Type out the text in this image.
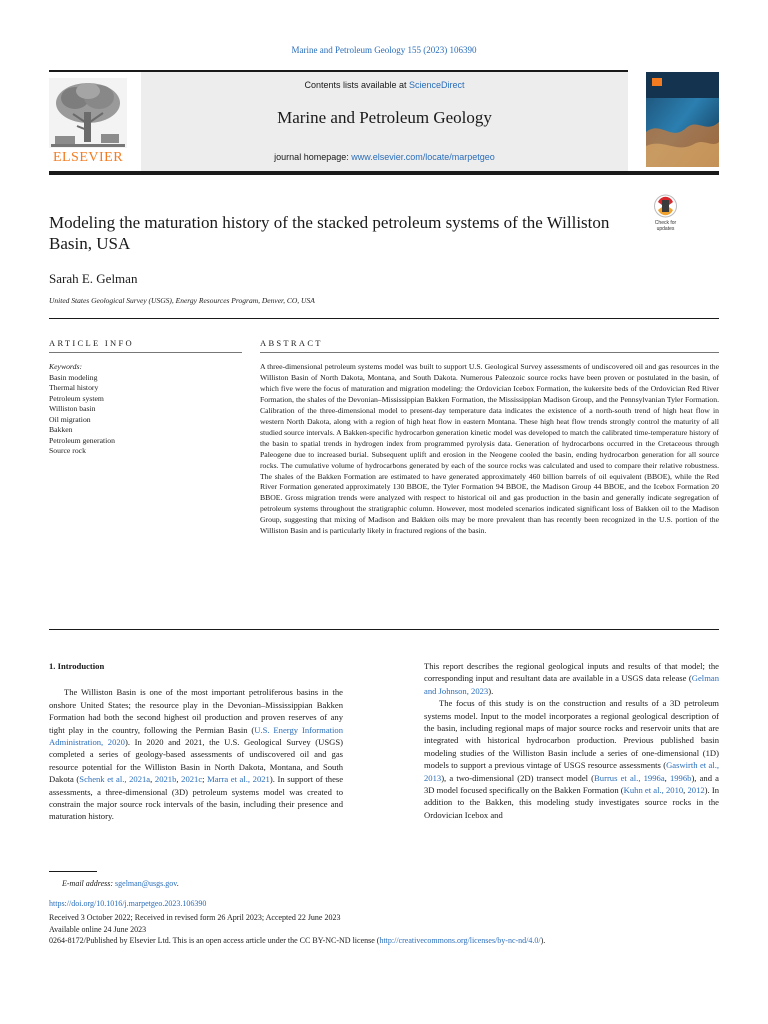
Marine and Petroleum Geology 155 (2023) 106390
ELSEVIER
Contents lists available at ScienceDirect
Marine and Petroleum Geology
journal homepage: www.elsevier.com/locate/marpetgeo
Modeling the maturation history of the stacked petroleum systems of the Williston Basin, USA
Check for
updates
Sarah E. Gelman
United States Geological Survey (USGS), Energy Resources Program, Denver, CO, USA
ARTICLE INFO	ABSTRACT
Keywords:
Basin modeling
Thermal history
Petroleum system
Williston basin
Oil migration
Bakken
Petroleum generation
Source rock
A three-dimensional petroleum systems model was built to support U.S. Geological Survey assessments of undiscovered oil and gas resources in the Williston Basin of North Dakota, Montana, and South Dakota. Numerous Paleozoic source rocks have been proven or postulated in the basin, of which five were the focus of maturation and migration modeling: the Ordovician Icebox Formation, the kukersite beds of the Ordovician Red River Formation, the shales of the Devonian–Mississippian Bakken Formation, the Mississippian Madison Group, and the Pennsylvanian Tyler Formation. Calibration of the three-dimensional model to present-day temperature data indicates the existence of a north-south trend of high heat flow in western North Dakota, along with a region of high heat flow in eastern Montana. These high heat flow trends strongly control the maturity of all studied source intervals. A Bakken-specific hydrocarbon generation kinetic model was developed to match the calibrated time-temperature history of the basin to spatial trends in hydrogen index from programmed pyrolysis data. Generation of hydrocarbons occurred in the Cretaceous through Paleogene due to increased burial. Subsequent uplift and erosion in the Neogene cooled the basin, ending hydrocarbon generation for all source rocks. The cumulative volume of hydrocarbons generated by each of the source rocks was calculated and used to compare their relative robustness. The shales of the Bakken Formation are estimated to have generated approximately 460 billion barrels of oil equivalent (BBOE), while the Red River Formation generated approximately 130 BBOE, the Tyler Formation 94 BBOE, the Madison Group 44 BBOE, and the Icebox Formation 20 BBOE. Gross migration trends were analyzed with respect to historical oil and gas production in the basin and generally indicate segregation of petroleum systems throughout the stratigraphic column. However, most modeled scenarios indicated significant loss of Bakken oil to the Madison Group, suggesting that mixing of Madison and Bakken oils may be more prevalent than has recently been recognized in the U.S. portion of the Williston Basin and is particularly likely in fractured regions of the basin.

1. Introduction

The Williston Basin is one of the most important petroliferous basins in the onshore United States; the resource play in the Devonian–Mississippian Bakken Formation had both the second highest oil production and proven reserves of any tight play in the country, following the Permian Basin (U.S. Energy Information Administration, 2020). In 2020 and 2021, the U.S. Geological Survey (USGS) completed a series of geology-based assessments of undiscovered oil and gas resource potential for the Williston Basin in North Dakota, Montana, and South Dakota (Schenk et al., 2021a, 2021b, 2021c; Marra et al., 2021). In support of these assessments, a three-dimensional (3D) petroleum systems model was created to constrain the major source rock intervals of the basin, including their presence and maturation history.

This report describes the regional geological inputs and results of that model; the corresponding input and resultant data are available in a USGS data release (Gelman and Johnson, 2023).

The focus of this study is on the construction and results of a 3D petroleum systems model. Input to the model incorporates a regional geological description of the basin, including regional maps of major source rocks and reservoir units that are integrated with historical hydrocarbon production. Previous published basin modeling studies of the Williston Basin include a series of one-dimensional (1D) models to support a previous vintage of USGS resource assessments (Gaswirth et al., 2013), a two-dimensional (2D) transect model (Burrus et al., 1996a, 1996b), and a 3D model focused specifically on the Bakken Formation (Kuhn et al., 2010, 2012). In addition to the Bakken, this modeling study investigates source rocks in the Ordovician Icebox and

E-mail address: sgelman@usgs.gov.
https://doi.org/10.1016/j.marpetgeo.2023.106390
Received 3 October 2022; Received in revised form 26 April 2023; Accepted 22 June 2023
Available online 24 June 2023
0264-8172/Published by Elsevier Ltd. This is an open access article under the CC BY-NC-ND license (http://creativecommons.org/licenses/by-nc-nd/4.0/).
